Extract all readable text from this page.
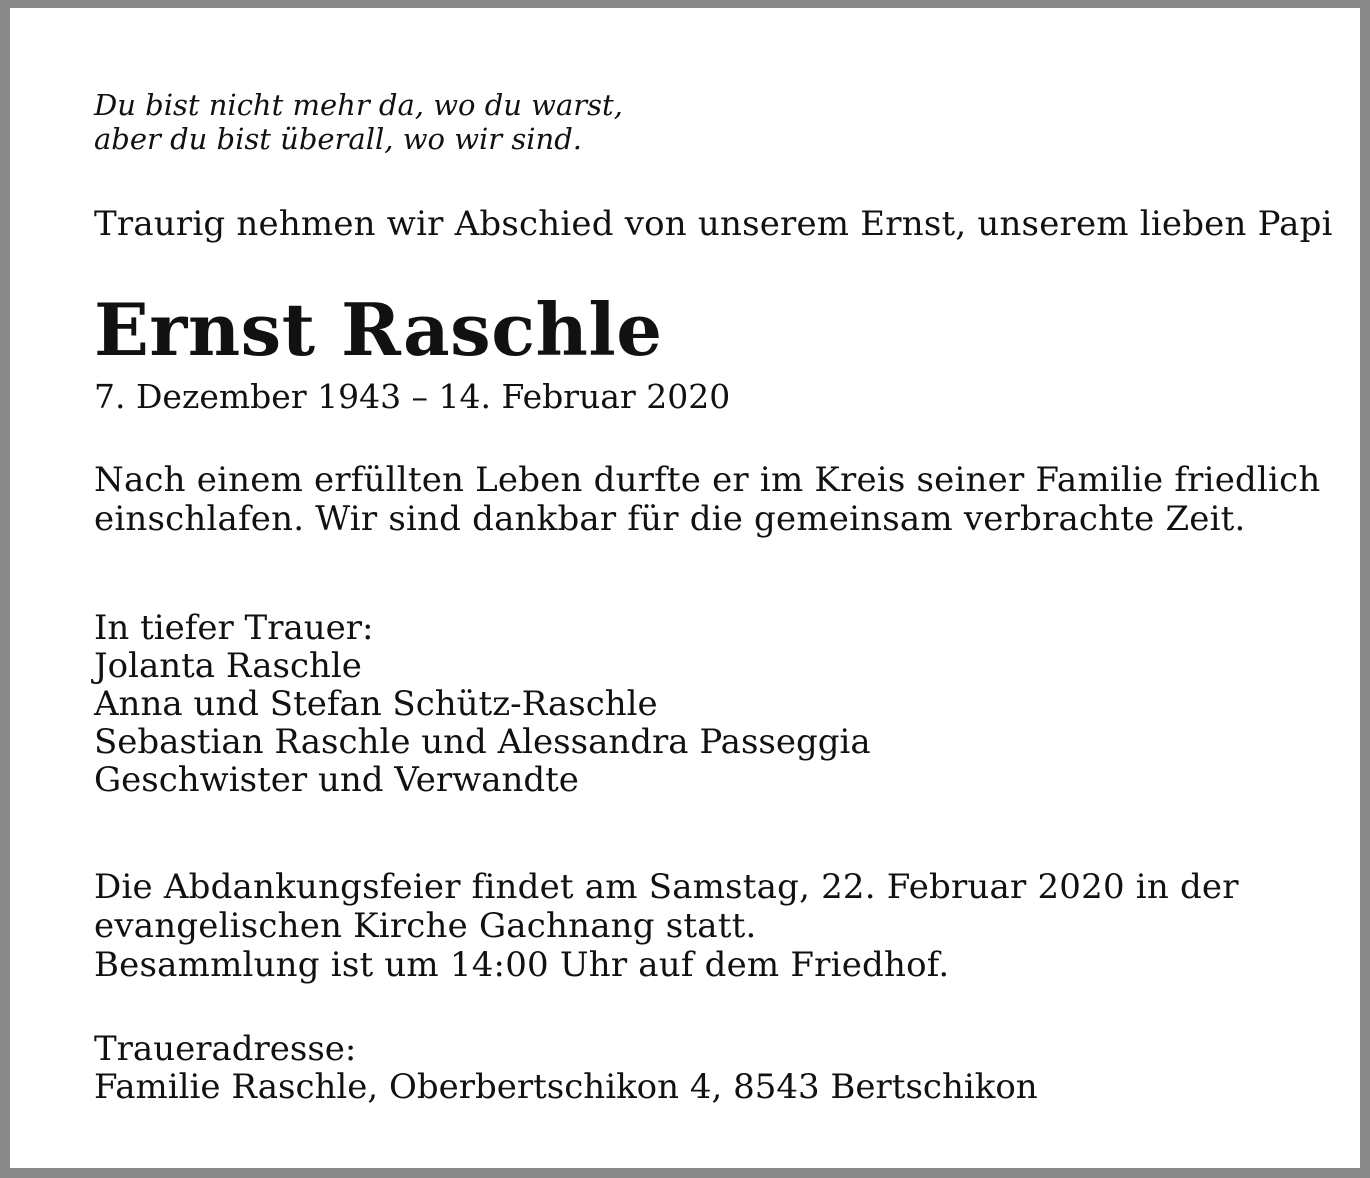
Du bist nicht mehr da, wo du warst,
aber du bist überall, wo wir sind.
Traurig nehmen wir Abschied von unserem Ernst, unserem lieben Papi
Ernst Raschle
7. Dezember 1943 – 14. Februar 2020
Nach einem erfüllten Leben durfte er im Kreis seiner Familie friedlich
einschlafen. Wir sind dankbar für die gemeinsam verbrachte Zeit.
In tiefer Trauer:
Jolanta Raschle
Anna und Stefan Schütz-Raschle
Sebastian Raschle und Alessandra Passeggia
Geschwister und Verwandte
Die Abdankungsfeier findet am Samstag, 22. Februar 2020 in der
evangelischen Kirche Gachnang statt.
Besammlung ist um 14:00 Uhr auf dem Friedhof.
Traueradresse:
Familie Raschle, Oberbertschikon 4, 8543 Bertschikon
